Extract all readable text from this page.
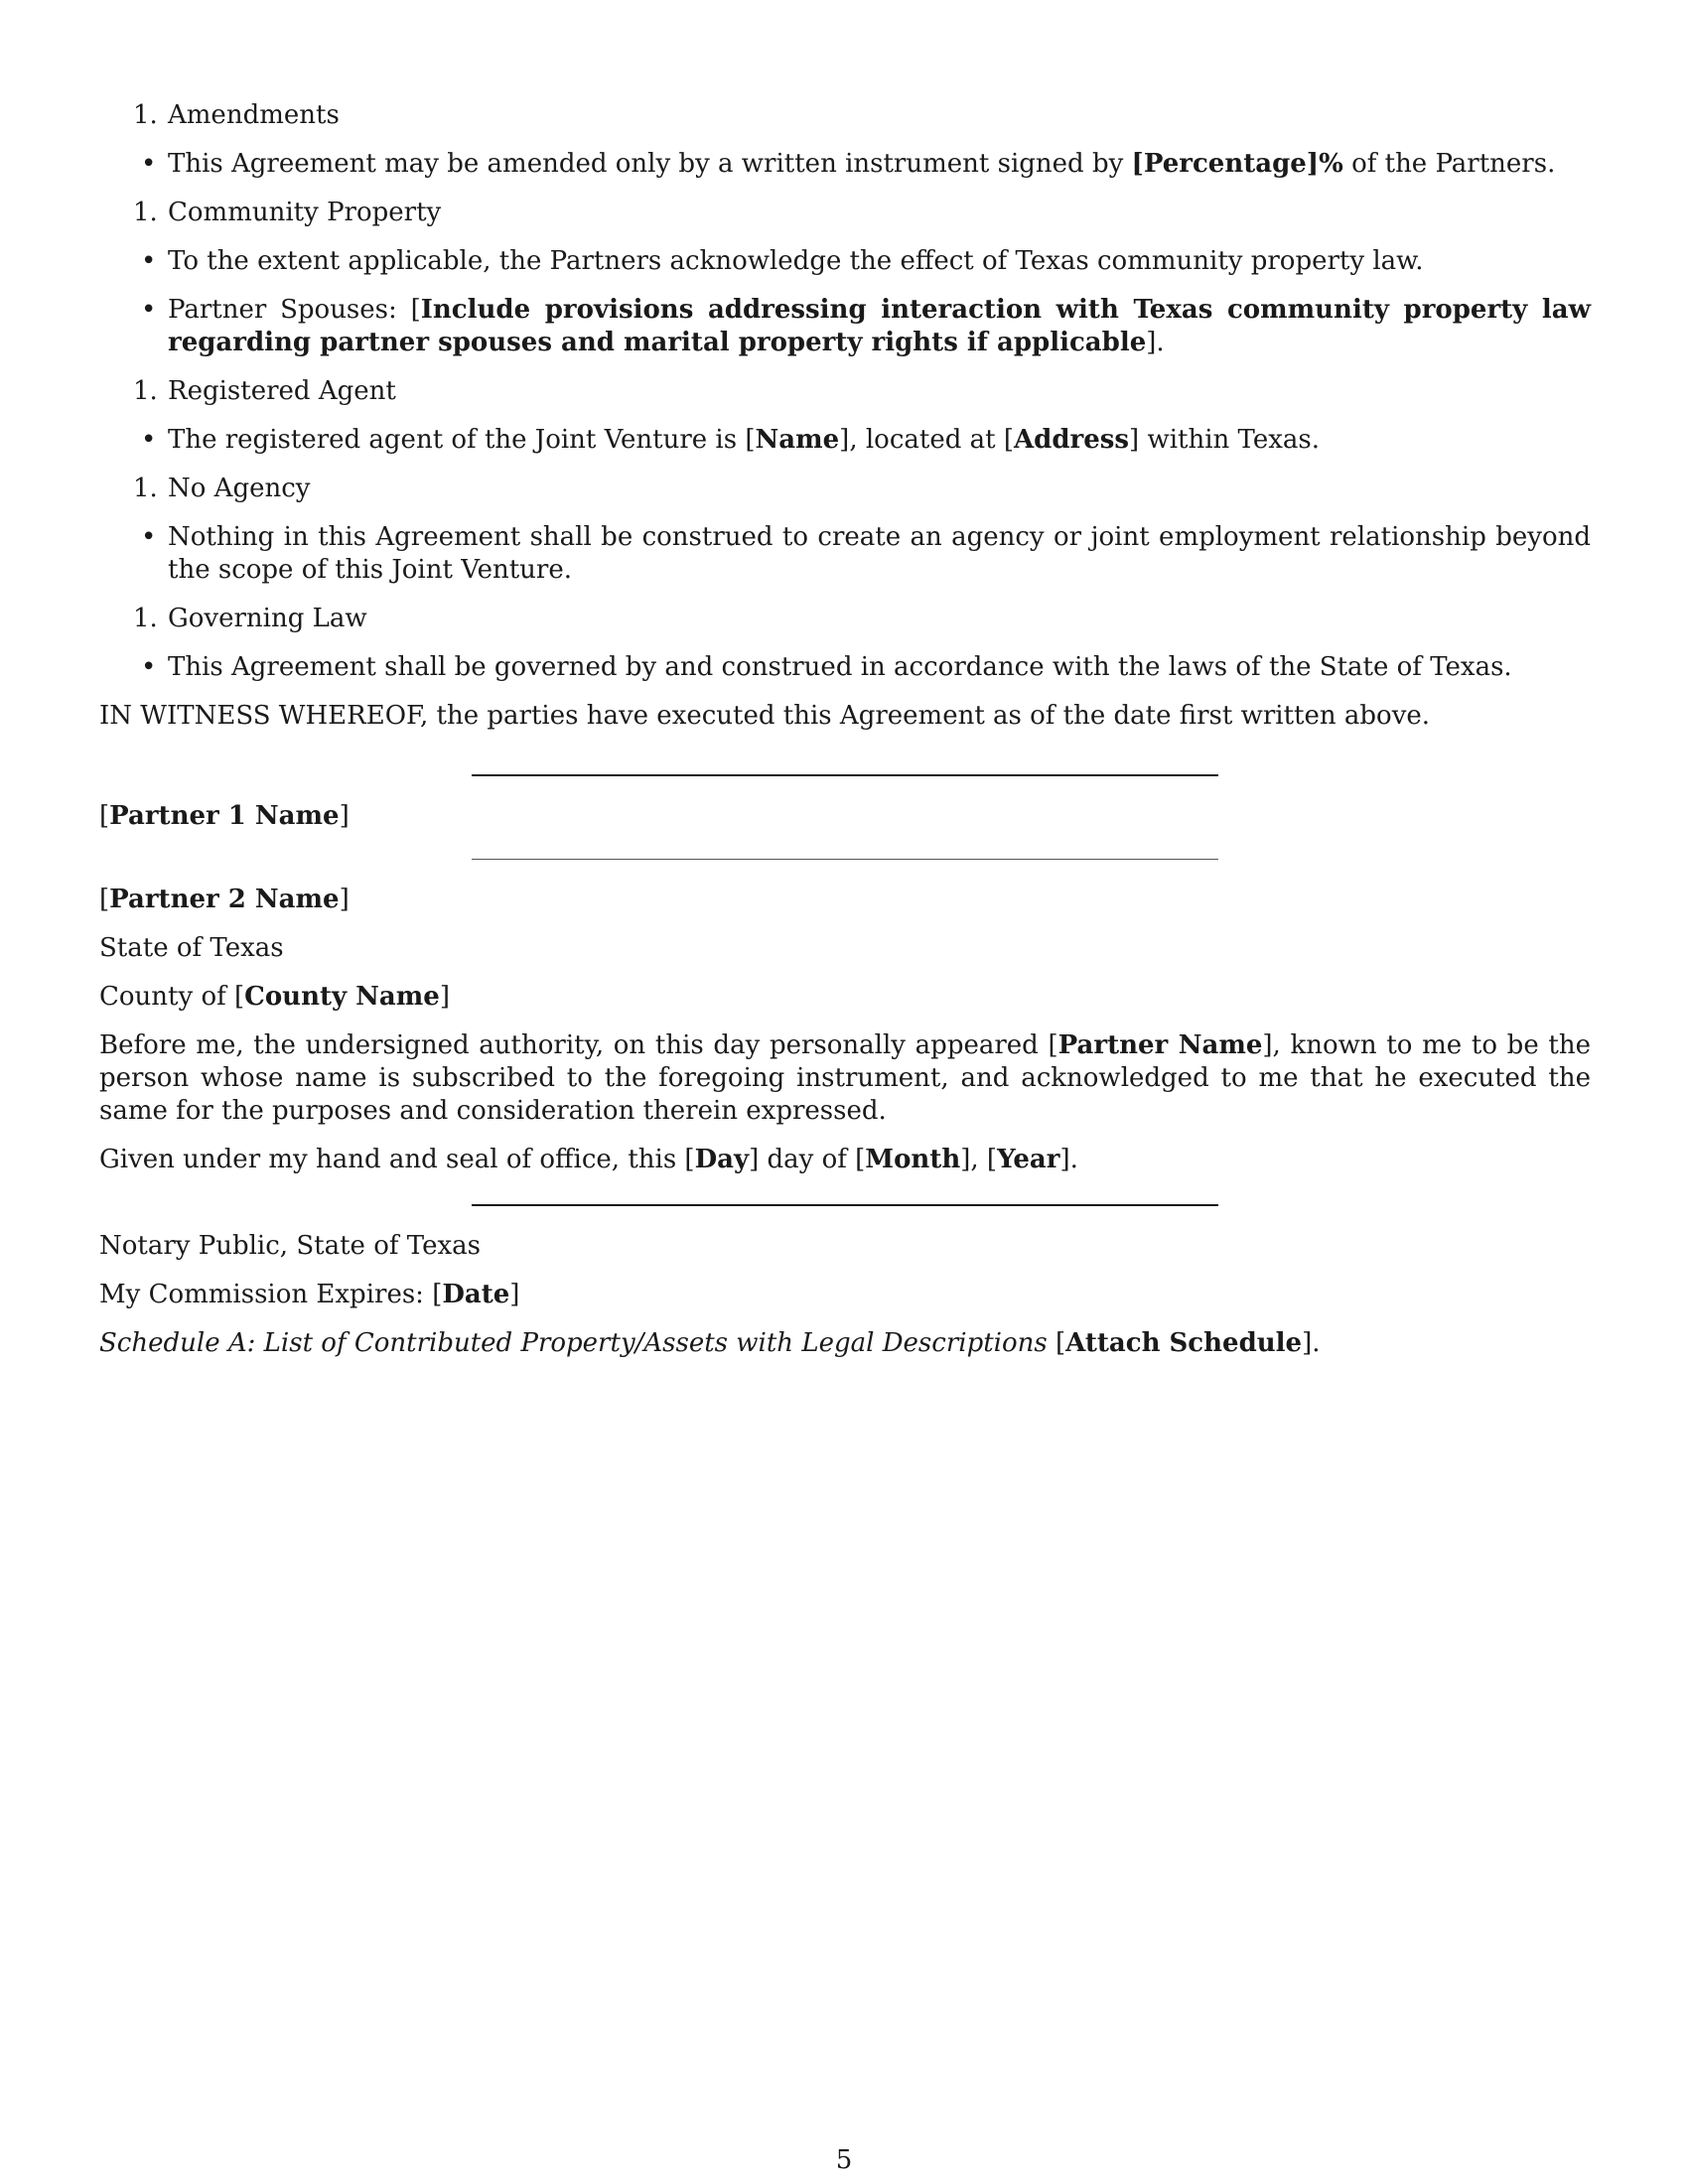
1. Amendments
• This Agreement may be amended only by a written instrument signed by [Percentage]% of the Partners.
1. Community Property
• To the extent applicable, the Partners acknowledge the effect of Texas community property law.
• Partner Spouses: [Include provisions addressing interaction with Texas community property law regarding partner spouses and marital property rights if applicable].
1. Registered Agent
• The registered agent of the Joint Venture is [Name], located at [Address] within Texas.
1. No Agency
• Nothing in this Agreement shall be construed to create an agency or joint employment relationship beyond the scope of this Joint Venture.
1. Governing Law
• This Agreement shall be governed by and construed in accordance with the laws of the State of Texas.
IN WITNESS WHEREOF, the parties have executed this Agreement as of the date first written above.
[Partner 1 Name]
[Partner 2 Name]
State of Texas
County of [County Name]
Before me, the undersigned authority, on this day personally appeared [Partner Name], known to me to be the person whose name is subscribed to the foregoing instrument, and acknowledged to me that he executed the same for the purposes and consideration therein expressed.
Given under my hand and seal of office, this [Day] day of [Month], [Year].
Notary Public, State of Texas
My Commission Expires: [Date]
Schedule A: List of Contributed Property/Assets with Legal Descriptions [Attach Schedule].
5
